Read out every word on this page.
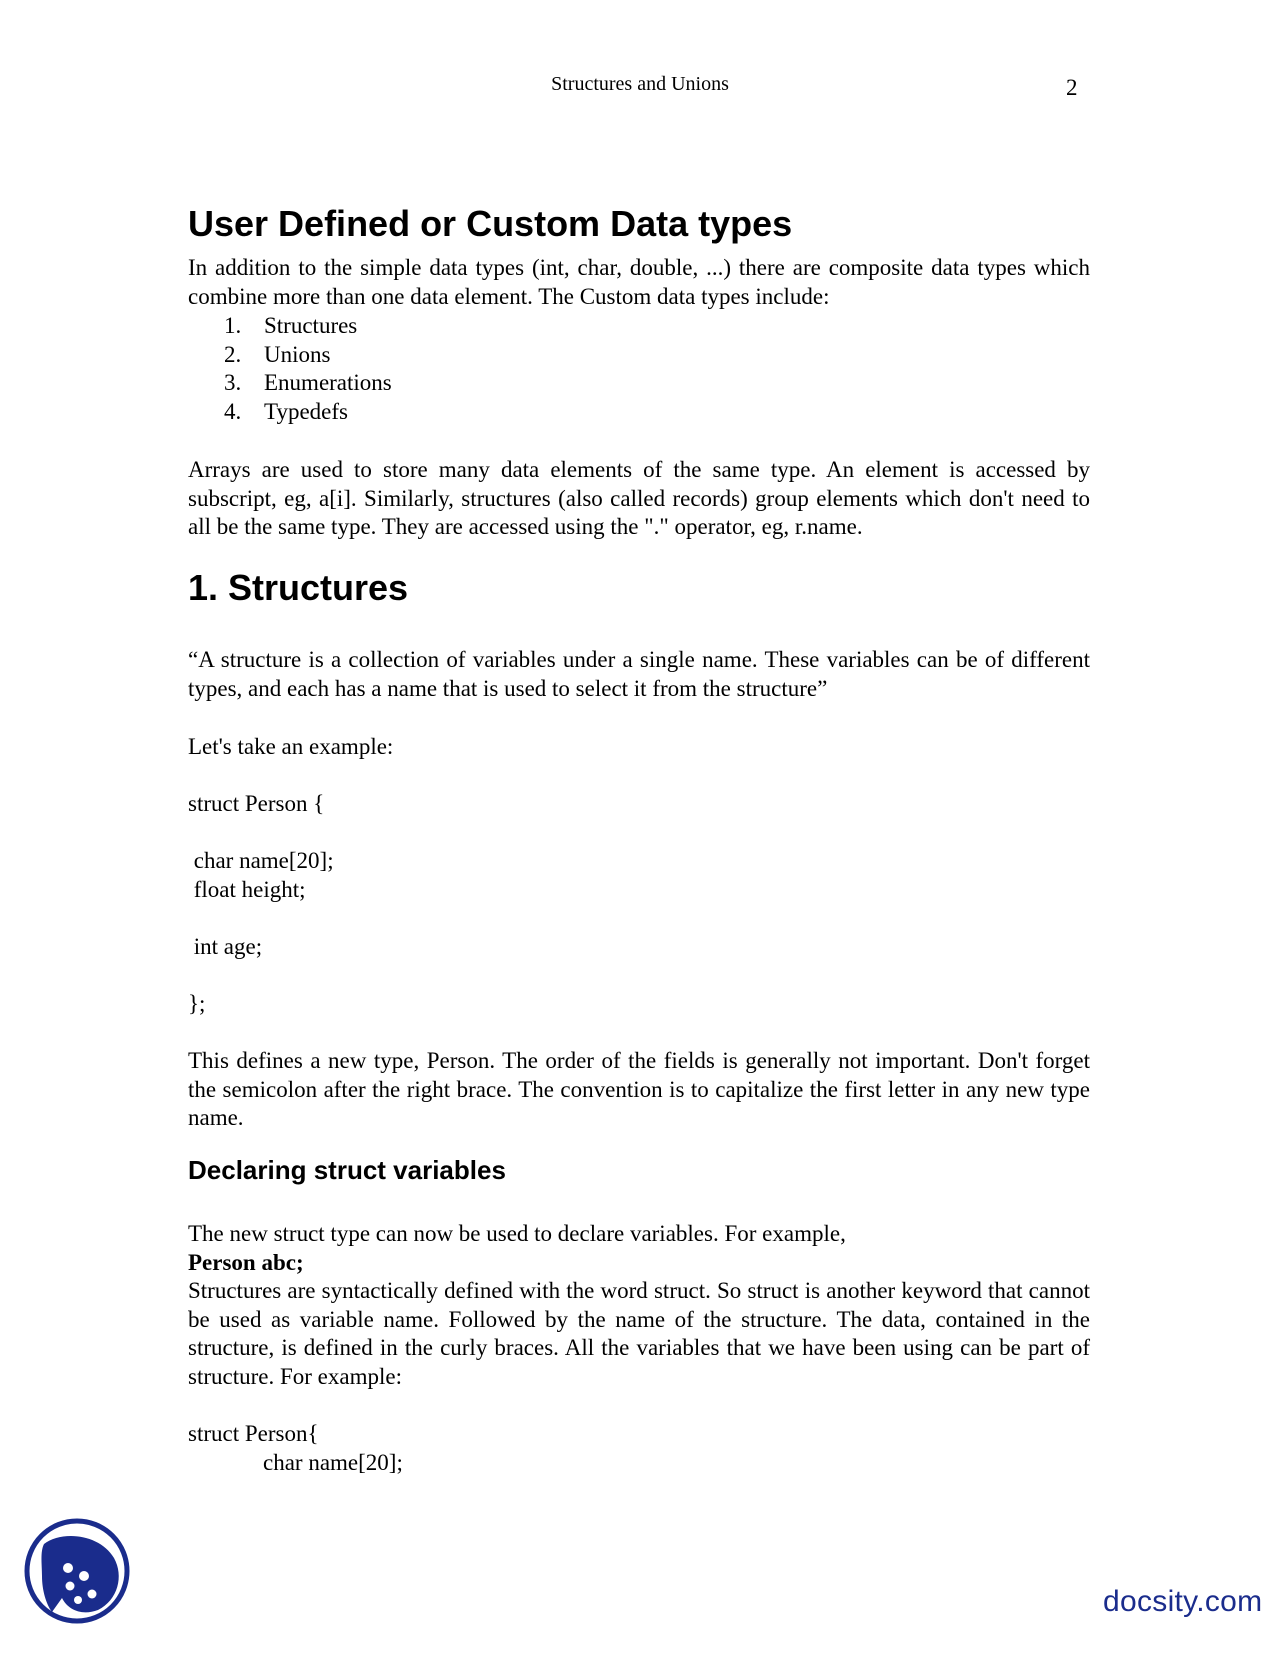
Structures and Unions	2
User Defined or Custom Data types

In addition to the simple data types (int, char, double, ...) there are composite data types which combine more than one data element. The Custom data types include:

1. Structures
2. Unions
3. Enumerations
4. Typedefs

Arrays are used to store many data elements of the same type. An element is accessed by subscript, eg, a[i]. Similarly, structures (also called records) group elements which don't need to all be the same type. They are accessed using the "." operator, eg, r.name.

1. Structures

“A structure is a collection of variables under a single name. These variables can be of different types, and each has a name that is used to select it from the structure”

Let's take an example:

struct Person {
char name[20];
float height;
int age;
};

This defines a new type, Person. The order of the fields is generally not important. Don't forget the semicolon after the right brace. The convention is to capitalize the first letter in any new type name.

Declaring struct variables

The new struct type can now be used to declare variables. For example,

Person abc;

Structures are syntactically defined with the word struct. So struct is another keyword that cannot be used as variable name. Followed by the name of the structure. The data, contained in the structure, is defined in the curly braces. All the variables that we have been using can be part of structure. For example:

struct Person{
char name[20];
docsity.com
